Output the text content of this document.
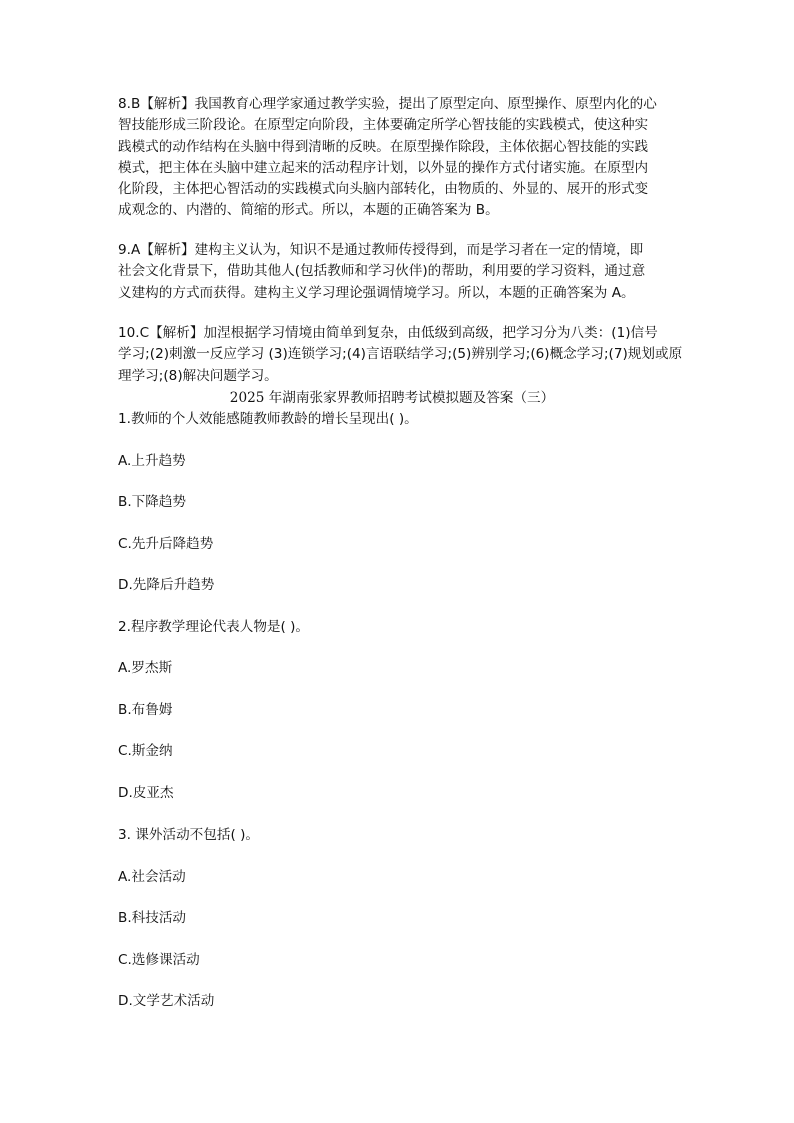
8.B【解析】我国教育心理学家通过教学实验，提出了原型定向、原型操作、原型内化的心
智技能形成三阶段论。在原型定向阶段，主体要确定所学心智技能的实践模式，使这种实
践模式的动作结构在头脑中得到清晰的反映。在原型操作除段，主体依据心智技能的实践
模式，把主体在头脑中建立起来的活动程序计划，以外显的操作方式付诸实施。在原型内
化阶段，主体把心智活动的实践模式向头脑内部转化，由物质的、外显的、展开的形式变
成观念的、内潜的、简缩的形式。所以，本题的正确答案为 B。
9.A【解析】建构主义认为，知识不是通过教师传授得到，而是学习者在一定的情境，即
社会文化背景下，借助其他人(包括教师和学习伙伴)的帮助，利用要的学习资料，通过意
义建构的方式而获得。建构主义学习理论强调情境学习。所以，本题的正确答案为 A。
10.C【解析】加涅根据学习情境由简单到复杂，由低级到高级，把学习分为八类：(1)信号
学习;(2)刺激一反应学习 (3)连锁学习;(4)言语联结学习;(5)辨别学习;(6)概念学习;(7)规划或原
理学习;(8)解决问题学习。
2025 年湖南张家界教师招聘考试模拟题及答案（三）
1.教师的个人效能感随教师教龄的增长呈现出( )。
A.上升趋势
B.下降趋势
C.先升后降趋势
D.先降后升趋势
2.程序教学理论代表人物是( )。
A.罗杰斯
B.布鲁姆
C.斯金纳
D.皮亚杰
3. 课外活动不包括( )。
A.社会活动
B.科技活动
C.选修课活动
D.文学艺术活动
